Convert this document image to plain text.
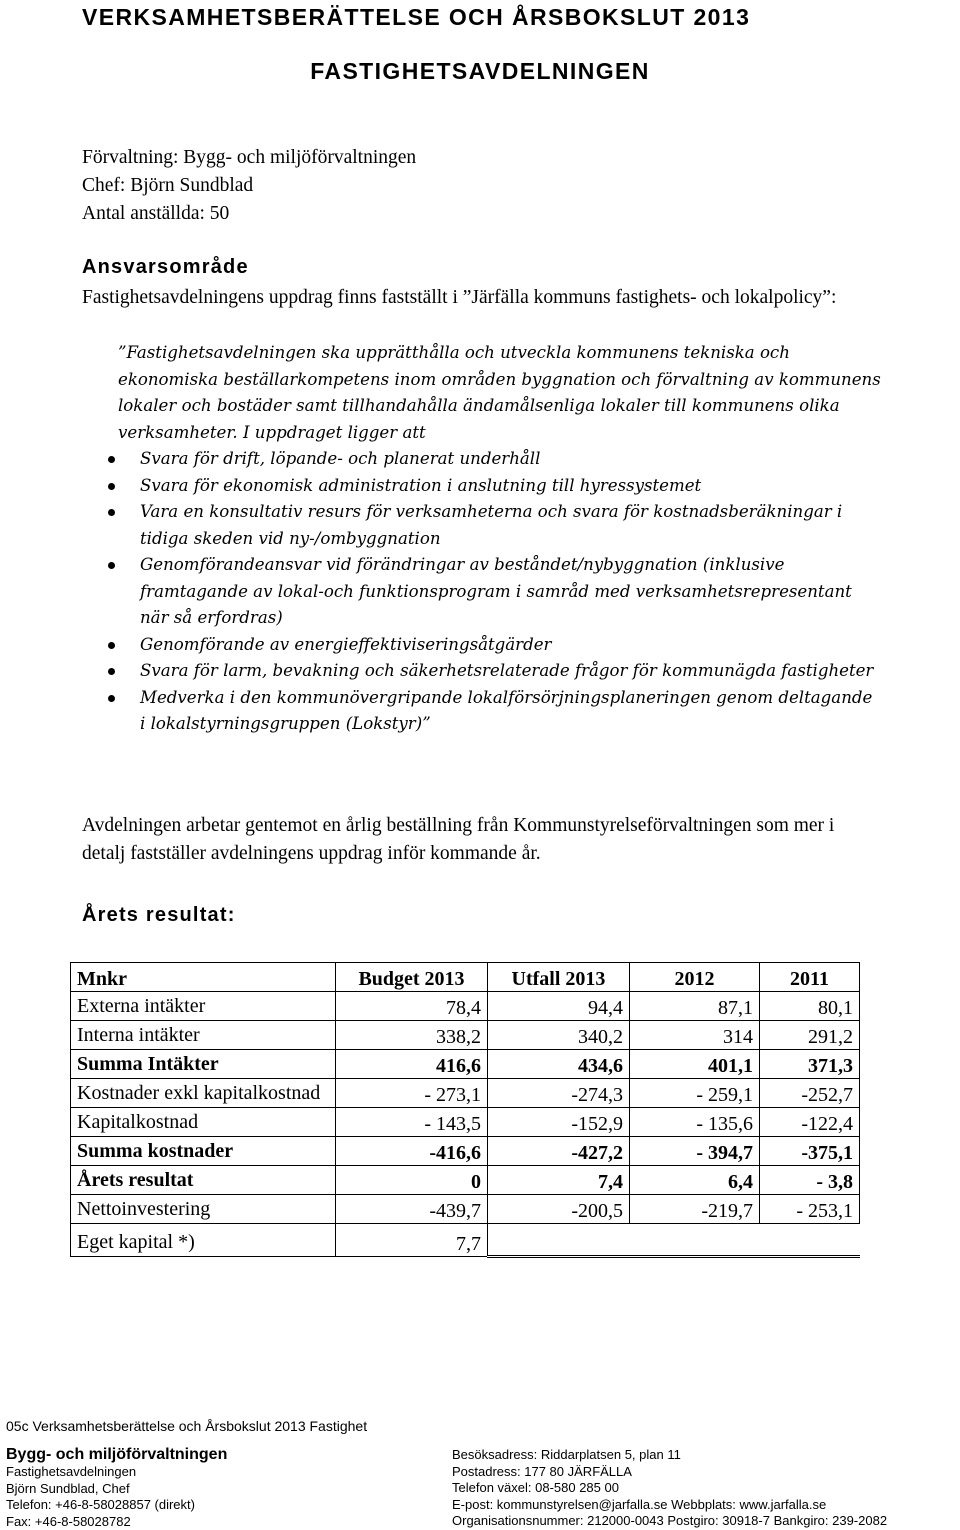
VERKSAMHETSBERÄTTELSE OCH ÅRSBOKSLUT 2013
FASTIGHETSAVDELNINGEN
Förvaltning: Bygg- och miljöförvaltningen
Chef: Björn Sundblad
Antal anställda: 50
Ansvarsområde
Fastighetsavdelningens uppdrag finns fastställt i ”Järfälla kommuns fastighets- och lokalpolicy”:
”Fastighetsavdelningen ska upprätthålla och utveckla kommunens tekniska och ekonomiska beställarkompetens inom områden byggnation och förvaltning av kommunens lokaler och bostäder samt tillhandahålla ändamålsenliga lokaler till kommunens olika verksamheter. I uppdraget ligger att
Svara för drift, löpande- och planerat underhåll
Svara för ekonomisk administration i anslutning till hyressystemet
Vara en konsultativ resurs för verksamheterna och svara för kostnadsberäkningar i tidiga skeden vid ny-/ombyggnation
Genomförandeansvar vid förändringar av beståndet/nybyggnation (inklusive framtagande av lokal-och funktionsprogram i samråd med verksamhetsrepresentant när så erfordras)
Genomförande av energieffektiviseringsåtgärder
Svara för larm, bevakning och säkerhetsrelaterade frågor för kommunägda fastigheter
Medverka i den kommunövergripande lokalförsörjningsplaneringen genom deltagande i lokalstyrningsgruppen (Lokstyr)”
Avdelningen arbetar gentemot en årlig beställning från Kommunstyrelseförvaltningen som mer i detalj fastställer avdelningens uppdrag inför kommande år.
Årets resultat:
Mnkr	Budget 2013	Utfall 2013	2012	2011
Externa intäkter	78,4	94,4	87,1	80,1
Interna intäkter	338,2	340,2	314	291,2
Summa Intäkter	416,6	434,6	401,1	371,3
Kostnader exkl kapitalkostnad	- 273,1	-274,3	- 259,1	-252,7
Kapitalkostnad	- 143,5	-152,9	- 135,6	-122,4
Summa kostnader	-416,6	-427,2	- 394,7	-375,1
Årets resultat	0	7,4	6,4	- 3,8
Nettoinvestering	-439,7	-200,5	-219,7	- 253,1
Eget kapital *)	7,7			
05c Verksamhetsberättelse och Årsbokslut 2013 Fastighet
Bygg- och miljöförvaltningen
Fastighetsavdelningen
Björn Sundblad, Chef
Telefon: +46-8-58028857 (direkt)
Fax: +46-8-58028782
Besöksadress: Riddarplatsen 5, plan 11
Postadress: 177 80 JÄRFÄLLA
Telefon växel: 08-580 285 00
E-post: kommunstyrelsen@jarfalla.se Webbplats: www.jarfalla.se
Organisationsnummer: 212000-0043 Postgiro: 30918-7 Bankgiro: 239-2082
